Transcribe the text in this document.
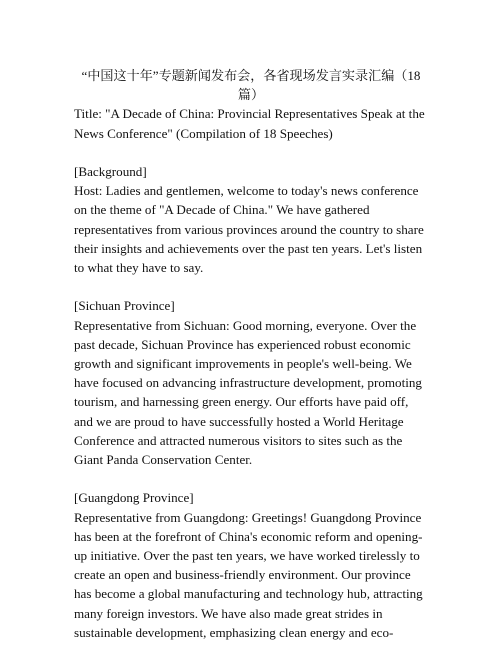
“中国这十年”专题新闻发布会，各省现场发言实录汇编（18篇）

Title: "A Decade of China: Provincial Representatives Speak at the News Conference" (Compilation of 18 Speeches)

[Background]

Host: Ladies and gentlemen, welcome to today's news conference on the theme of "A Decade of China." We have gathered representatives from various provinces around the country to share their insights and achievements over the past ten years. Let's listen to what they have to say.

[Sichuan Province]

Representative from Sichuan: Good morning, everyone. Over the past decade, Sichuan Province has experienced robust economic growth and significant improvements in people's well-being. We have focused on advancing infrastructure development, promoting tourism, and harnessing green energy. Our efforts have paid off, and we are proud to have successfully hosted a World Heritage Conference and attracted numerous visitors to sites such as the Giant Panda Conservation Center.

[Guangdong Province]

Representative from Guangdong: Greetings! Guangdong Province has been at the forefront of China's economic reform and opening-up initiative. Over the past ten years, we have worked tirelessly to create an open and business-friendly environment. Our province has become a global manufacturing and technology hub, attracting many foreign investors. We have also made great strides in sustainable development, emphasizing clean energy and eco-
